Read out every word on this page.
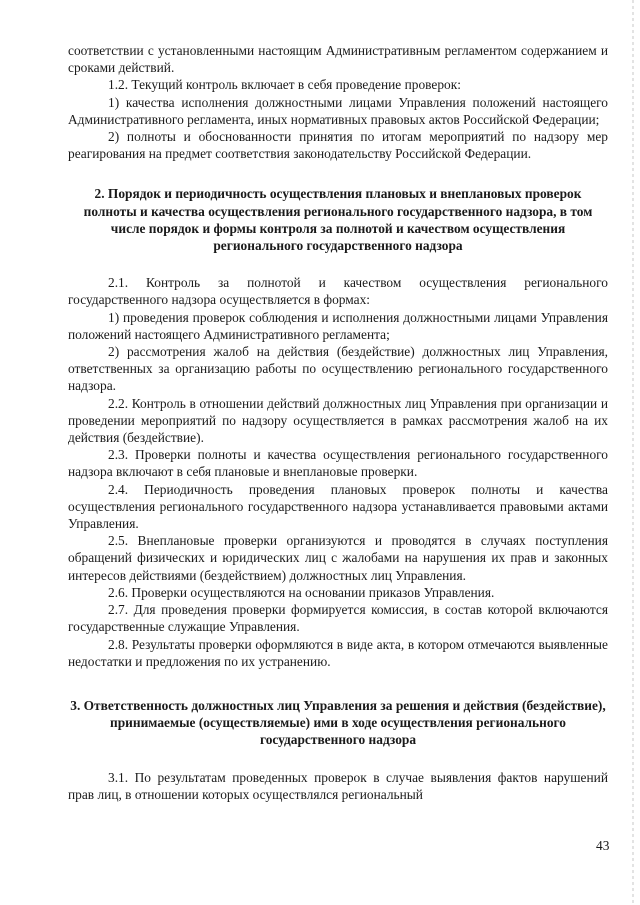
соответствии с установленными настоящим Административным регламентом содержанием и сроками действий.

1.2. Текущий контроль включает в себя проведение проверок:

1) качества исполнения должностными лицами Управления положений настоящего Административного регламента, иных нормативных правовых актов Российской Федерации;

2) полноты и обоснованности принятия по итогам мероприятий по надзору мер реагирования на предмет соответствия законодательству Российской Федерации.

2. Порядок и периодичность осуществления плановых и внеплановых проверок полноты и качества осуществления регионального государственного надзора, в том числе порядок и формы контроля за полнотой и качеством осуществления регионального государственного надзора

2.1. Контроль за полнотой и качеством осуществления регионального государственного надзора осуществляется в формах:

1) проведения проверок соблюдения и исполнения должностными лицами Управления положений настоящего Административного регламента;

2) рассмотрения жалоб на действия (бездействие) должностных лиц Управления, ответственных за организацию работы по осуществлению регионального государственного надзора.

2.2. Контроль в отношении действий должностных лиц Управления при организации и проведении мероприятий по надзору осуществляется в рамках рассмотрения жалоб на их действия (бездействие).

2.3. Проверки полноты и качества осуществления регионального государственного надзора включают в себя плановые и внеплановые проверки.

2.4. Периодичность проведения плановых проверок полноты и качества осуществления регионального государственного надзора устанавливается правовыми актами Управления.

2.5. Внеплановые проверки организуются и проводятся в случаях поступления обращений физических и юридических лиц с жалобами на нарушения их прав и законных интересов действиями (бездействием) должностных лиц Управления.

2.6. Проверки осуществляются на основании приказов Управления.

2.7. Для проведения проверки формируется комиссия, в состав которой включаются государственные служащие Управления.

2.8. Результаты проверки оформляются в виде акта, в котором отмечаются выявленные недостатки и предложения по их устранению.

3. Ответственность должностных лиц Управления за решения и действия (бездействие), принимаемые (осуществляемые) ими в ходе осуществления регионального государственного надзора

3.1. По результатам проведенных проверок в случае выявления фактов нарушений прав лиц, в отношении которых осуществлялся региональный

43
